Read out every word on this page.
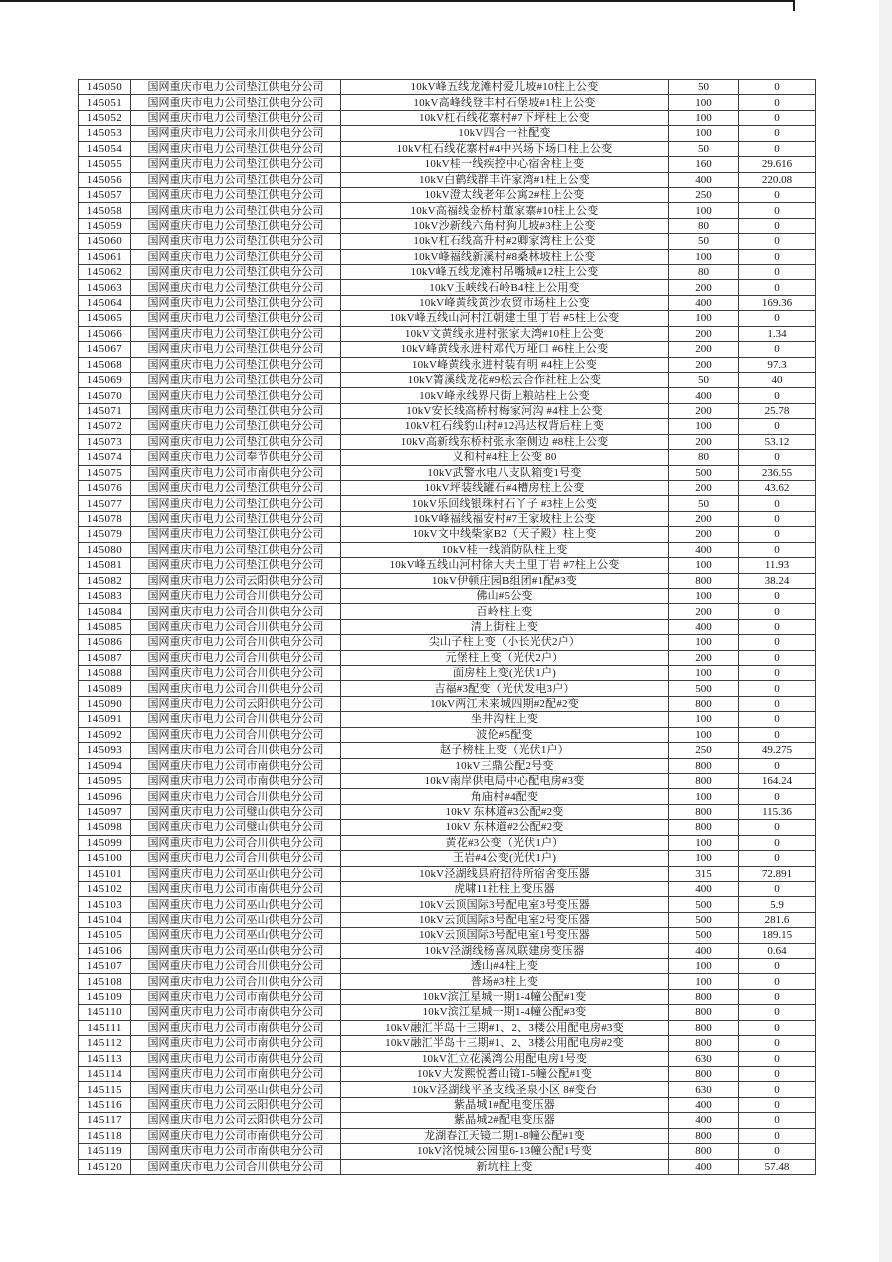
145050	国网重庆市电力公司垫江供电分公司	10kV峰五线龙滩村爱儿坡#10柱上公变	50	0
145051	国网重庆市电力公司垫江供电分公司	10kV高峰线登丰村石堡坡#1柱上公变	100	0
145052	国网重庆市电力公司垫江供电分公司	10kV杠石线花寨村#7下坪柱上公变	100	0
145053	国网重庆市电力公司永川供电分公司	10kV四合一社配变	100	0
145054	国网重庆市电力公司垫江供电分公司	10kV杠石线花寨村#4中兴场下场口柱上公变	50	0
145055	国网重庆市电力公司垫江供电分公司	10kV桂一线疾控中心宿舍柱上变	160	29.616
145056	国网重庆市电力公司垫江供电分公司	10kV白鹤线群丰许家湾#1柱上公变	400	220.08
145057	国网重庆市电力公司垫江供电分公司	10kV澄太线老年公寓2#柱上公变	250	0
145058	国网重庆市电力公司垫江供电分公司	10kV高福线金桥村董家寨#10柱上公变	100	0
145059	国网重庆市电力公司垫江供电分公司	10kV沙新线六角村狗儿坡#3柱上公变	80	0
145060	国网重庆市电力公司垫江供电分公司	10kV杠石线高升村#2卿家湾柱上公变	50	0
145061	国网重庆市电力公司垫江供电分公司	10kV峰福线新溪村#8桑林坡柱上公变	100	0
145062	国网重庆市电力公司垫江供电分公司	10kV峰五线龙滩村吊嘴城#12柱上公变	80	0
145063	国网重庆市电力公司垫江供电分公司	10kV玉峡线石岭B4柱上公用变	200	0
145064	国网重庆市电力公司垫江供电分公司	10kV峰黄线黄沙农贸市场柱上公变	400	169.36
145065	国网重庆市电力公司垫江供电分公司	10kV峰五线山河村江朝建土里丁岩 #5柱上公变	100	0
145066	国网重庆市电力公司垫江供电分公司	10kV文黄线永进村张家大湾#10柱上公变	200	1.34
145067	国网重庆市电力公司垫江供电分公司	10kV峰黄线永进村邓代万垭口 #6柱上公变	200	0
145068	国网重庆市电力公司垫江供电分公司	10kV峰黄线永进村装有明 #4柱上公变	200	97.3
145069	国网重庆市电力公司垫江供电分公司	10kV箐溪线龙花#9松云合作社柱上公变	50	40
145070	国网重庆市电力公司垫江供电分公司	10kV峰永线界尺街上粮站柱上公变	400	0
145071	国网重庆市电力公司垫江供电分公司	10kV安长线高桥村梅家河沟 #4柱上公变	200	25.78
145072	国网重庆市电力公司垫江供电分公司	10kV杠石线豹山村#12冯达权背后柱上变	100	0
145073	国网重庆市电力公司垫江供电分公司	10kV高新线东桥村张永奎侧边 #8柱上公变	200	53.12
145074	国网重庆市电力公司奉节供电分公司	义和村#4柱上公变 80	80	0
145075	国网重庆市电力公司市南供电分公司	10kV武警水电八支队箱变1号变	500	236.55
145076	国网重庆市电力公司垫江供电分公司	10kV坪装线罐石#4槽房柱上公变	200	43.62
145077	国网重庆市电力公司垫江供电分公司	10kV乐回线银珠村石丫子 #3柱上公变	50	0
145078	国网重庆市电力公司垫江供电分公司	10kV峰福线福安村#7王家坡柱上公变	200	0
145079	国网重庆市电力公司垫江供电分公司	10kV文中线柴家B2（天子殿）柱上变	200	0
145080	国网重庆市电力公司垫江供电分公司	10kV桂一线消防队柱上变	400	0
145081	国网重庆市电力公司垫江供电分公司	10kV峰五线山河村徐大夫土里丁岩 #7柱上公变	100	11.93
145082	国网重庆市电力公司云阳供电分公司	10kV伊顿庄园B组团#1配#3变	800	38.24
145083	国网重庆市电力公司合川供电分公司	佛山#5公变	100	0
145084	国网重庆市电力公司合川供电分公司	百岭柱上变	200	0
145085	国网重庆市电力公司合川供电分公司	清上街柱上变	400	0
145086	国网重庆市电力公司合川供电分公司	尖山子柱上变（小长光伏2户）	100	0
145087	国网重庆市电力公司合川供电分公司	元堡柱上变（光伏2户）	200	0
145088	国网重庆市电力公司合川供电分公司	面房柱上变(光伏1户)	100	0
145089	国网重庆市电力公司合川供电分公司	吉福#3配变（光伏发电3户）	500	0
145090	国网重庆市电力公司云阳供电分公司	10kV两江未来城四期#2配#2变	800	0
145091	国网重庆市电力公司合川供电分公司	坐井沟柱上变	100	0
145092	国网重庆市电力公司合川供电分公司	波伦#5配变	100	0
145093	国网重庆市电力公司合川供电分公司	赵子榜柱上变（光伏1户）	250	49.275
145094	国网重庆市电力公司市南供电分公司	10kV三鼎公配2号变	800	0
145095	国网重庆市电力公司市南供电分公司	10kV南岸供电局中心配电房#3变	800	164.24
145096	国网重庆市电力公司合川供电分公司	角庙村#4配变	100	0
145097	国网重庆市电力公司璧山供电分公司	10kV 东林道#3公配#2变	800	115.36
145098	国网重庆市电力公司璧山供电分公司	10kV 东林道#2公配#2变	800	0
145099	国网重庆市电力公司合川供电分公司	黄花#3公变（光伏1户）	100	0
145100	国网重庆市电力公司合川供电分公司	王岩#4公变(光伏1户)	100	0
145101	国网重庆市电力公司巫山供电分公司	10kV泾湖线县府招待所宿舍变压器	315	72.891
145102	国网重庆市电力公司市南供电分公司	虎啸11社柱上变压器	400	0
145103	国网重庆市电力公司巫山供电分公司	10kV云顶国际3号配电室3号变压器	500	5.9
145104	国网重庆市电力公司巫山供电分公司	10kV云顶国际3号配电室2号变压器	500	281.6
145105	国网重庆市电力公司巫山供电分公司	10kV云顶国际3号配电室1号变压器	500	189.15
145106	国网重庆市电力公司巫山供电分公司	10kV泾湖线杨喜凤联建房变压器	400	0.64
145107	国网重庆市电力公司合川供电分公司	透山#4柱上变	100	0
145108	国网重庆市电力公司合川供电分公司	普场#3柱上变	100	0
145109	国网重庆市电力公司市南供电分公司	10kV滨江星城一期1-4幢公配#1变	800	0
145110	国网重庆市电力公司市南供电分公司	10kV滨江星城一期1-4幢公配#3变	800	0
145111	国网重庆市电力公司市南供电分公司	10kV融汇半岛十三期#1、2、3楼公用配电房#3变	800	0
145112	国网重庆市电力公司市南供电分公司	10kV融汇半岛十三期#1、2、3楼公用配电房#2变	800	0
145113	国网重庆市电力公司市南供电分公司	10kV汇立花溪湾公用配电房1号变	630	0
145114	国网重庆市电力公司市南供电分公司	10kV大发熙悦耆山镜1-5幢公配#1变	800	0
145115	国网重庆市电力公司巫山供电分公司	10kV泾湖线平圣支线圣泉小区 8#变台	630	0
145116	国网重庆市电力公司云阳供电分公司	紫晶城1#配电变压器	400	0
145117	国网重庆市电力公司云阳供电分公司	紫晶城2#配电变压器	400	0
145118	国网重庆市电力公司市南供电分公司	龙湖春江天镜二期1-8幢公配#1变	800	0
145119	国网重庆市电力公司市南供电分公司	10kV洺悦城公园里6-13幢公配1号变	800	0
145120	国网重庆市电力公司合川供电分公司	新坑柱上变	400	57.48
